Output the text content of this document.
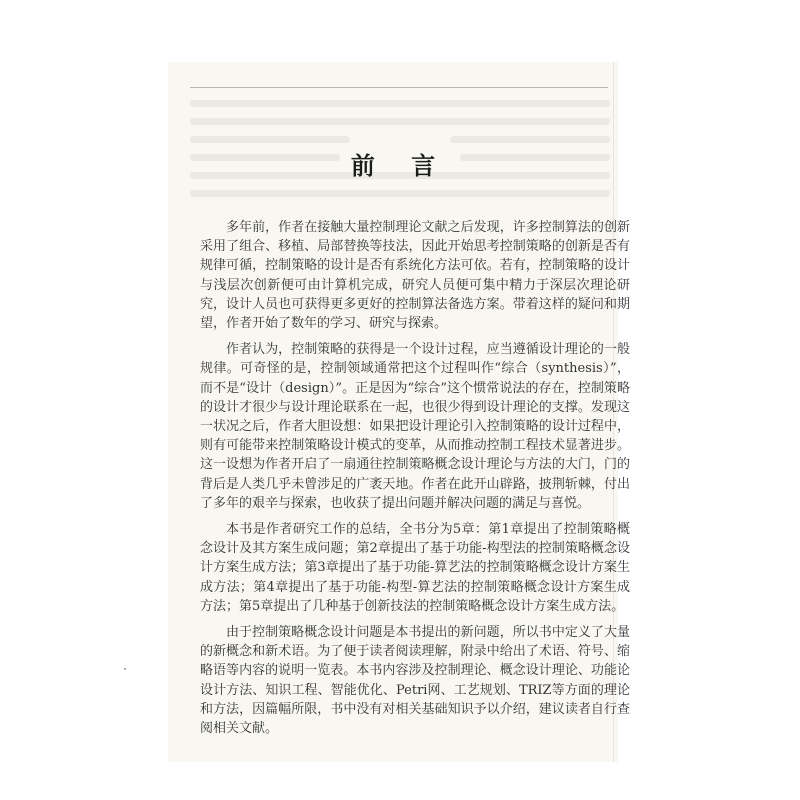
前 言

多年前，作者在接触大量控制理论文献之后发现，许多控制算法的创新采用了组合、移植、局部替换等技法，因此开始思考控制策略的创新是否有规律可循，控制策略的设计是否有系统化方法可依。若有，控制策略的设计与浅层次创新便可由计算机完成，研究人员便可集中精力于深层次理论研究，设计人员也可获得更多更好的控制算法备选方案。带着这样的疑问和期望，作者开始了数年的学习、研究与探索。

作者认为，控制策略的获得是一个设计过程，应当遵循设计理论的一般规律。可奇怪的是，控制领域通常把这个过程叫作“综合（synthesis）”，而不是“设计（design）”。正是因为“综合”这个惯常说法的存在，控制策略的设计才很少与设计理论联系在一起，也很少得到设计理论的支撑。发现这一状况之后，作者大胆设想：如果把设计理论引入控制策略的设计过程中，则有可能带来控制策略设计模式的变革，从而推动控制工程技术显著进步。这一设想为作者开启了一扇通往控制策略概念设计理论与方法的大门，门的背后是人类几乎未曾涉足的广袤天地。作者在此开山辟路，披荆斩棘，付出了多年的艰辛与探索，也收获了提出问题并解决问题的满足与喜悦。

本书是作者研究工作的总结，全书分为5章：第1章提出了控制策略概念设计及其方案生成问题；第2章提出了基于功能-构型法的控制策略概念设计方案生成方法；第3章提出了基于功能-算艺法的控制策略概念设计方案生成方法；第4章提出了基于功能-构型-算艺法的控制策略概念设计方案生成方法；第5章提出了几种基于创新技法的控制策略概念设计方案生成方法。

由于控制策略概念设计问题是本书提出的新问题，所以书中定义了大量的新概念和新术语。为了便于读者阅读理解，附录中给出了术语、符号、缩略语等内容的说明一览表。本书内容涉及控制理论、概念设计理论、功能论设计方法、知识工程、智能优化、Petri网、工艺规划、TRIZ等方面的理论和方法，因篇幅所限，书中没有对相关基础知识予以介绍，建议读者自行查阅相关文献。
